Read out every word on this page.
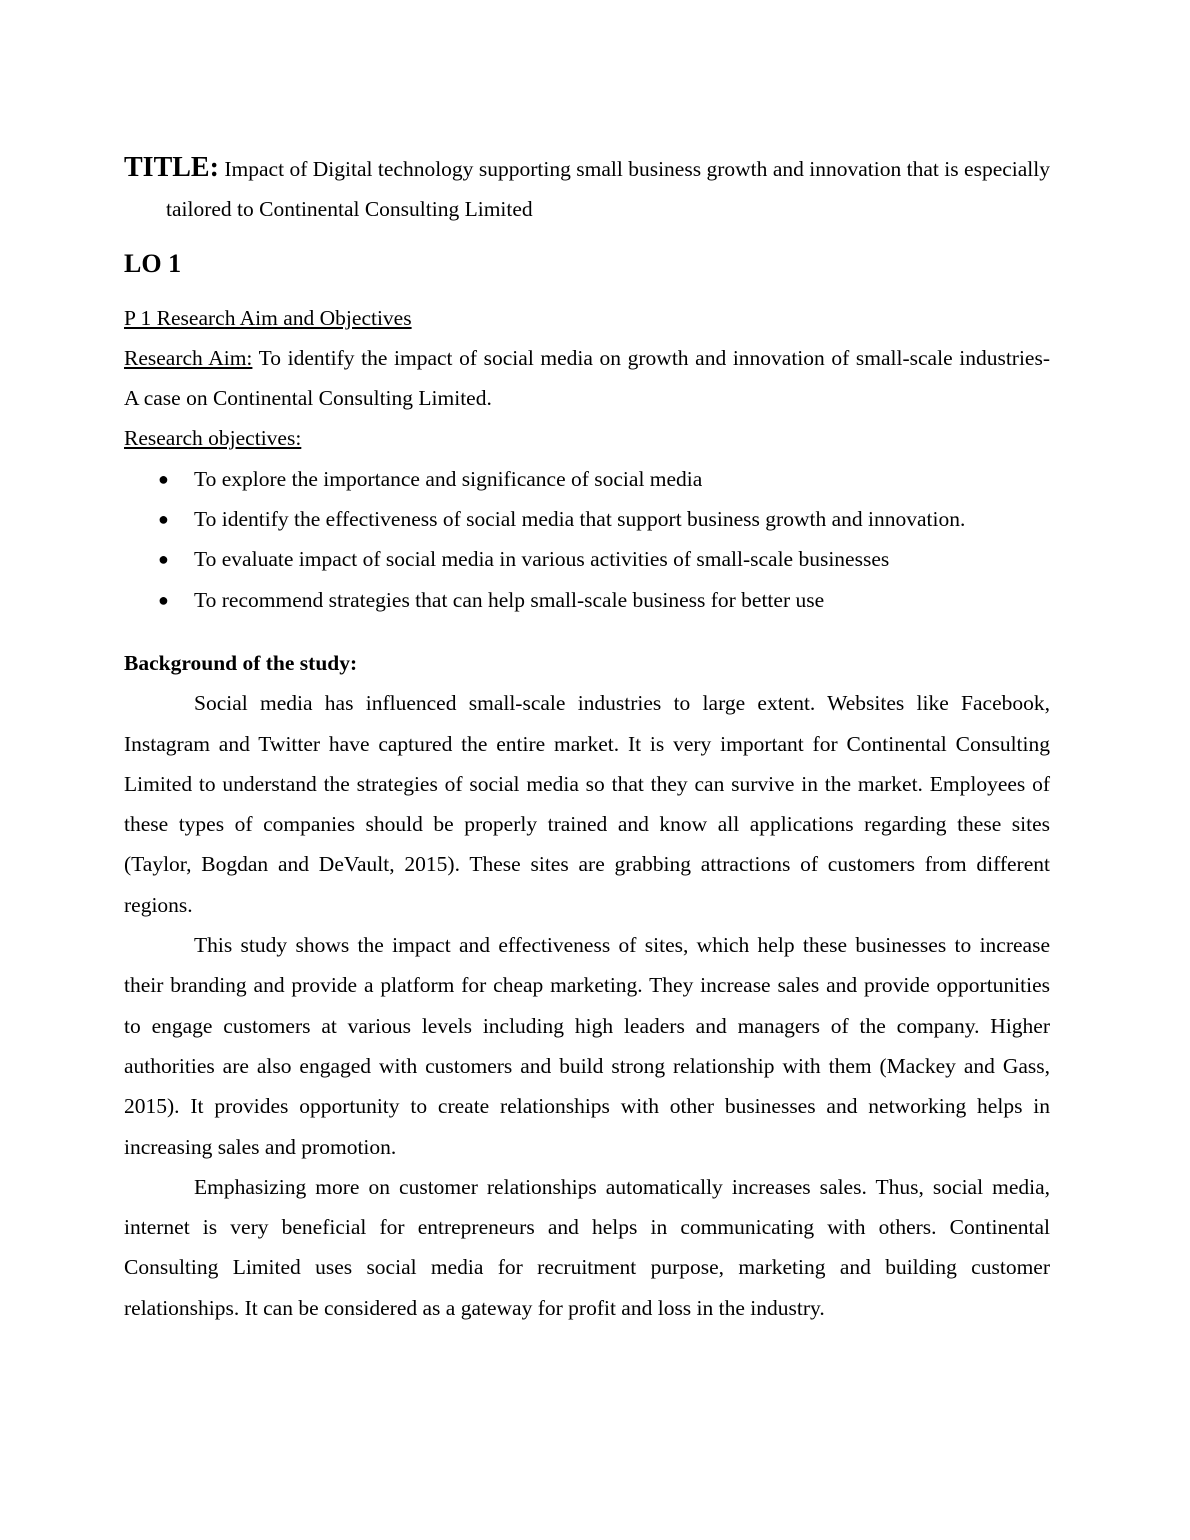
TITLE: Impact of Digital technology supporting small business growth and innovation that is especially tailored to Continental Consulting Limited

LO 1

P 1 Research Aim and Objectives

Research Aim: To identify the impact of social media on growth and innovation of small-scale industries- A case on Continental Consulting Limited.

Research objectives:

● To explore the importance and significance of social media
● To identify the effectiveness of social media that support business growth and innovation.
● To evaluate impact of social media in various activities of small-scale businesses
● To recommend strategies that can help small-scale business for better use

Background of the study:

Social media has influenced small-scale industries to large extent. Websites like Facebook, Instagram and Twitter have captured the entire market. It is very important for Continental Consulting Limited to understand the strategies of social media so that they can survive in the market. Employees of these types of companies should be properly trained and know all applications regarding these sites (Taylor, Bogdan and DeVault, 2015). These sites are grabbing attractions of customers from different regions.

This study shows the impact and effectiveness of sites, which help these businesses to increase their branding and provide a platform for cheap marketing. They increase sales and provide opportunities to engage customers at various levels including high leaders and managers of the company. Higher authorities are also engaged with customers and build strong relationship with them (Mackey and Gass, 2015). It provides opportunity to create relationships with other businesses and networking helps in increasing sales and promotion.

Emphasizing more on customer relationships automatically increases sales. Thus, social media, internet is very beneficial for entrepreneurs and helps in communicating with others. Continental Consulting Limited uses social media for recruitment purpose, marketing and building customer relationships. It can be considered as a gateway for profit and loss in the industry.
